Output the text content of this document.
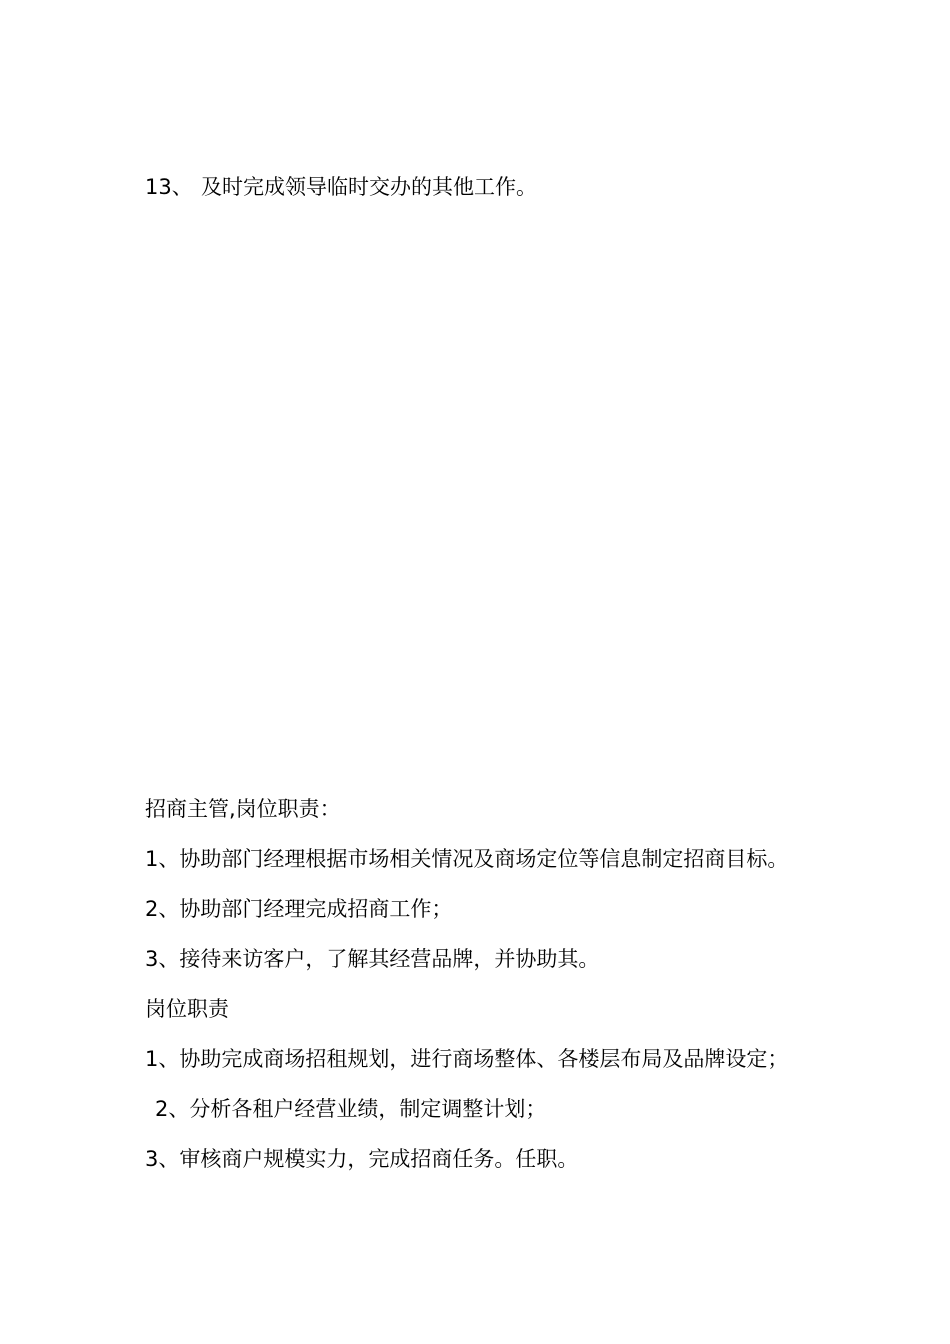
13、 及时完成领导临时交办的其他工作。
招商主管,岗位职责：
1、协助部门经理根据市场相关情况及商场定位等信息制定招商目标。
2、协助部门经理完成招商工作；
3、接待来访客户，了解其经营品牌，并协助其。
岗位职责
1、协助完成商场招租规划，进行商场整体、各楼层布局及品牌设定；
2、分析各租户经营业绩，制定调整计划；
3、审核商户规模实力，完成招商任务。任职。
